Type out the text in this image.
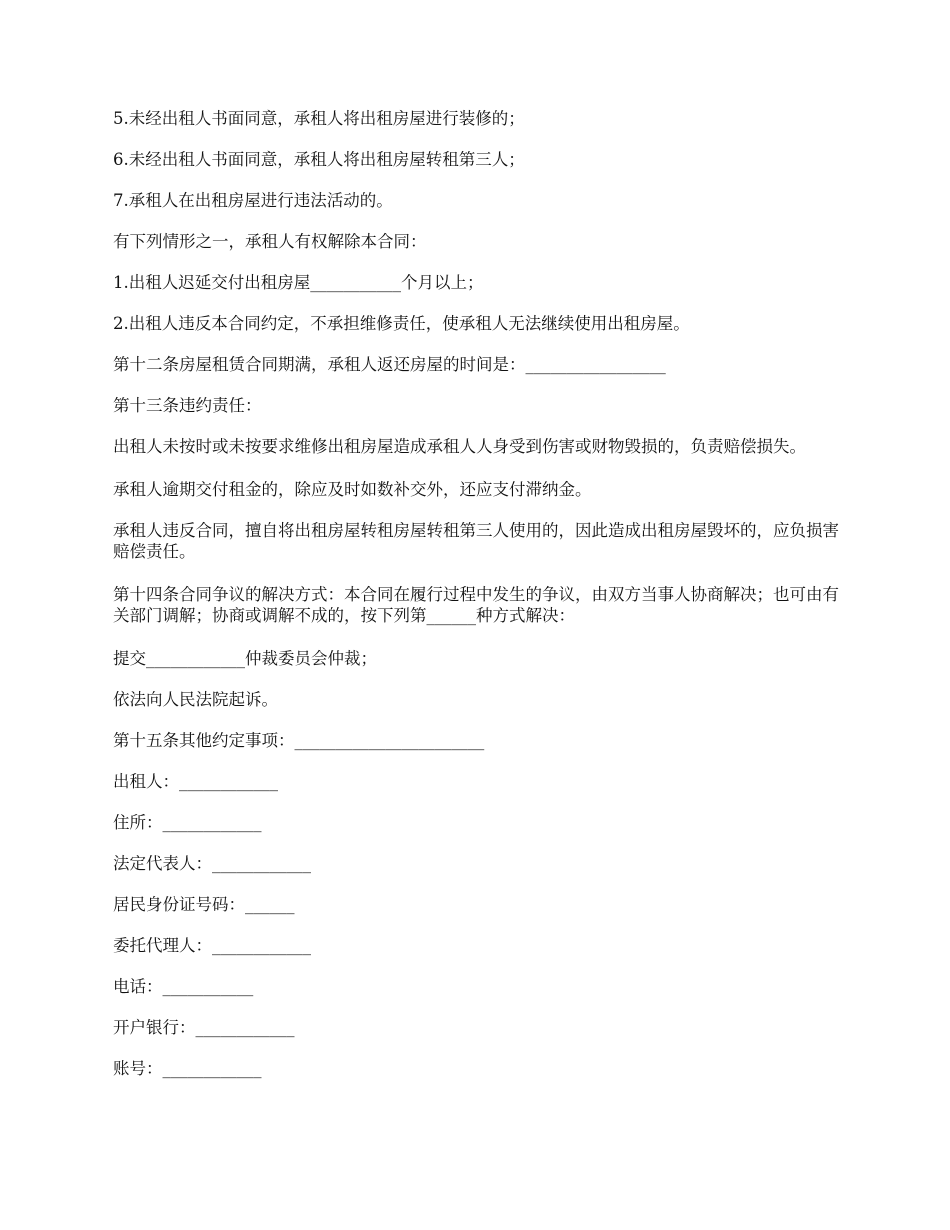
5.未经出租人书面同意，承租人将出租房屋进行装修的；

6.未经出租人书面同意，承租人将出租房屋转租第三人；

7.承租人在出租房屋进行违法活动的。

有下列情形之一，承租人有权解除本合同：

1.出租人迟延交付出租房屋___________个月以上；

2.出租人违反本合同约定，不承担维修责任，使承租人无法继续使用出租房屋。

第十二条房屋租赁合同期满，承租人返还房屋的时间是：_________________

第十三条违约责任：

出租人未按时或未按要求维修出租房屋造成承租人人身受到伤害或财物毁损的，负责赔偿损失。

承租人逾期交付租金的，除应及时如数补交外，还应支付滞纳金。

承租人违反合同，擅自将出租房屋转租房屋转租第三人使用的，因此造成出租房屋毁坏的，应负损害赔偿责任。

第十四条合同争议的解决方式：本合同在履行过程中发生的争议，由双方当事人协商解决；也可由有关部门调解；协商或调解不成的，按下列第______种方式解决：

提交____________仲裁委员会仲裁；

依法向人民法院起诉。

第十五条其他约定事项：_______________________

出租人：____________

住所：____________

法定代表人：____________

居民身份证号码：______

委托代理人：____________

电话：___________

开户银行：____________

账号：____________
